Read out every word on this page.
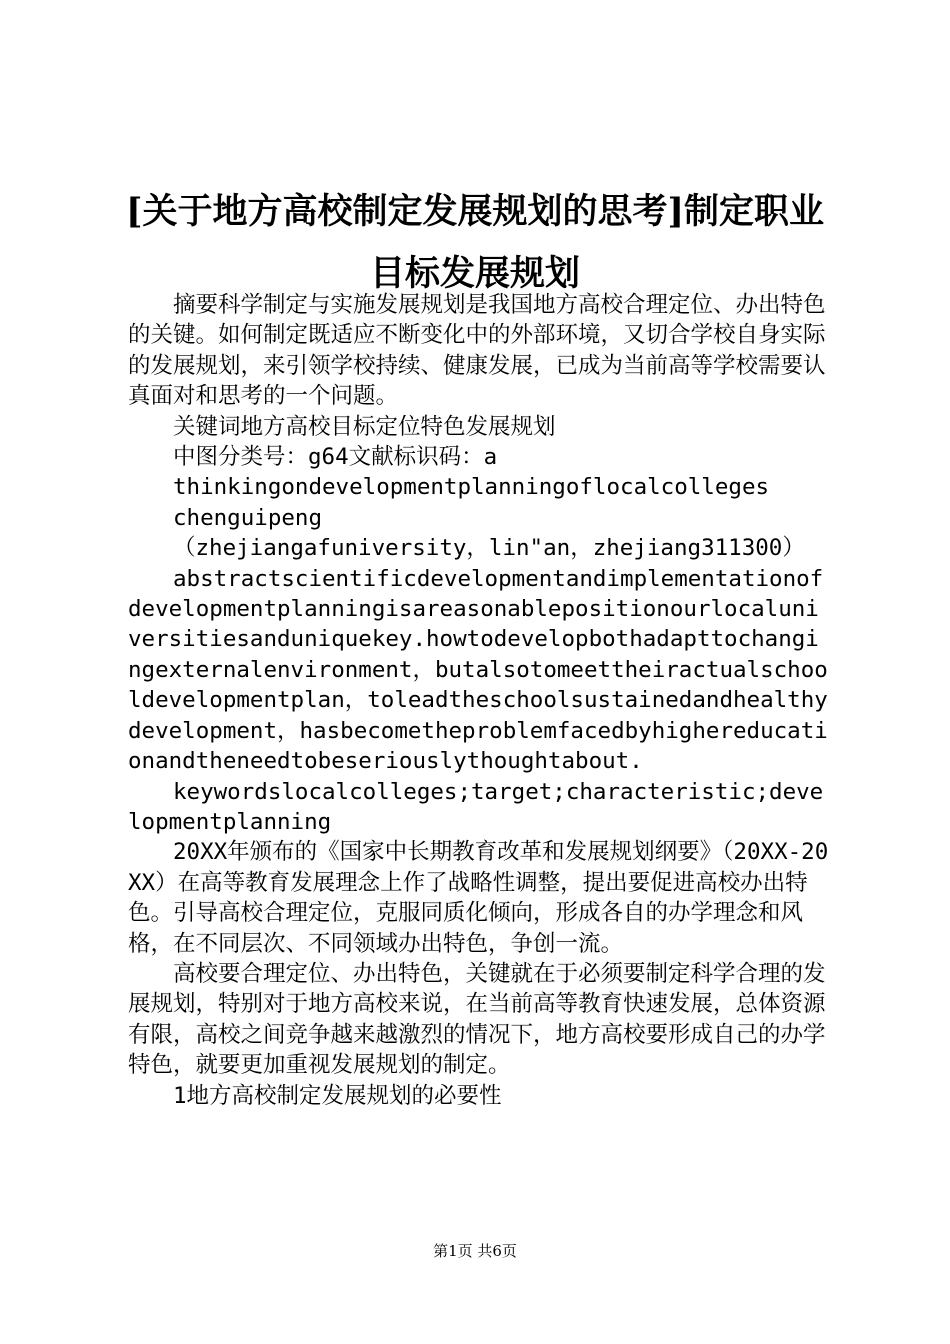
[关于地方高校制定发展规划的思考]制定职业
目标发展规划

摘要科学制定与实施发展规划是我国地方高校合理定位、办出特色的关键。如何制定既适应不断变化中的外部环境，又切合学校自身实际的发展规划，来引领学校持续、健康发展，已成为当前高等学校需要认真面对和思考的一个问题。

关键词地方高校目标定位特色发展规划

中图分类号：g64文献标识码：a

thinkingondevelopmentplanningoflocalcolleges

chenguipeng

（zhejiangafuniversity，lin"an，zhejiang311300）

abstractscientificdevelopmentandimplementationofdevelopmentplanningisareasonablepositionourlocaluniversitiesanduniquekey.howtodevelopbothadapttochangingexternalenvironment，butalsotomeettheiractualschooldevelopmentplan，toleadtheschoolsustainedandhealthydevelopment，hasbecometheproblemfacedbyhighereducationandtheneedtobeseriouslythoughtabout.

keywordslocalcolleges;target;characteristic;developmentplanning

20XX年颁布的《国家中长期教育改革和发展规划纲要》（20XX-20XX）在高等教育发展理念上作了战略性调整，提出要促进高校办出特色。引导高校合理定位，克服同质化倾向，形成各自的办学理念和风格，在不同层次、不同领域办出特色，争创一流。

高校要合理定位、办出特色，关键就在于必须要制定科学合理的发展规划，特别对于地方高校来说，在当前高等教育快速发展，总体资源有限，高校之间竞争越来越激烈的情况下，地方高校要形成自己的办学特色，就要更加重视发展规划的制定。

1地方高校制定发展规划的必要性

第1页 共6页
